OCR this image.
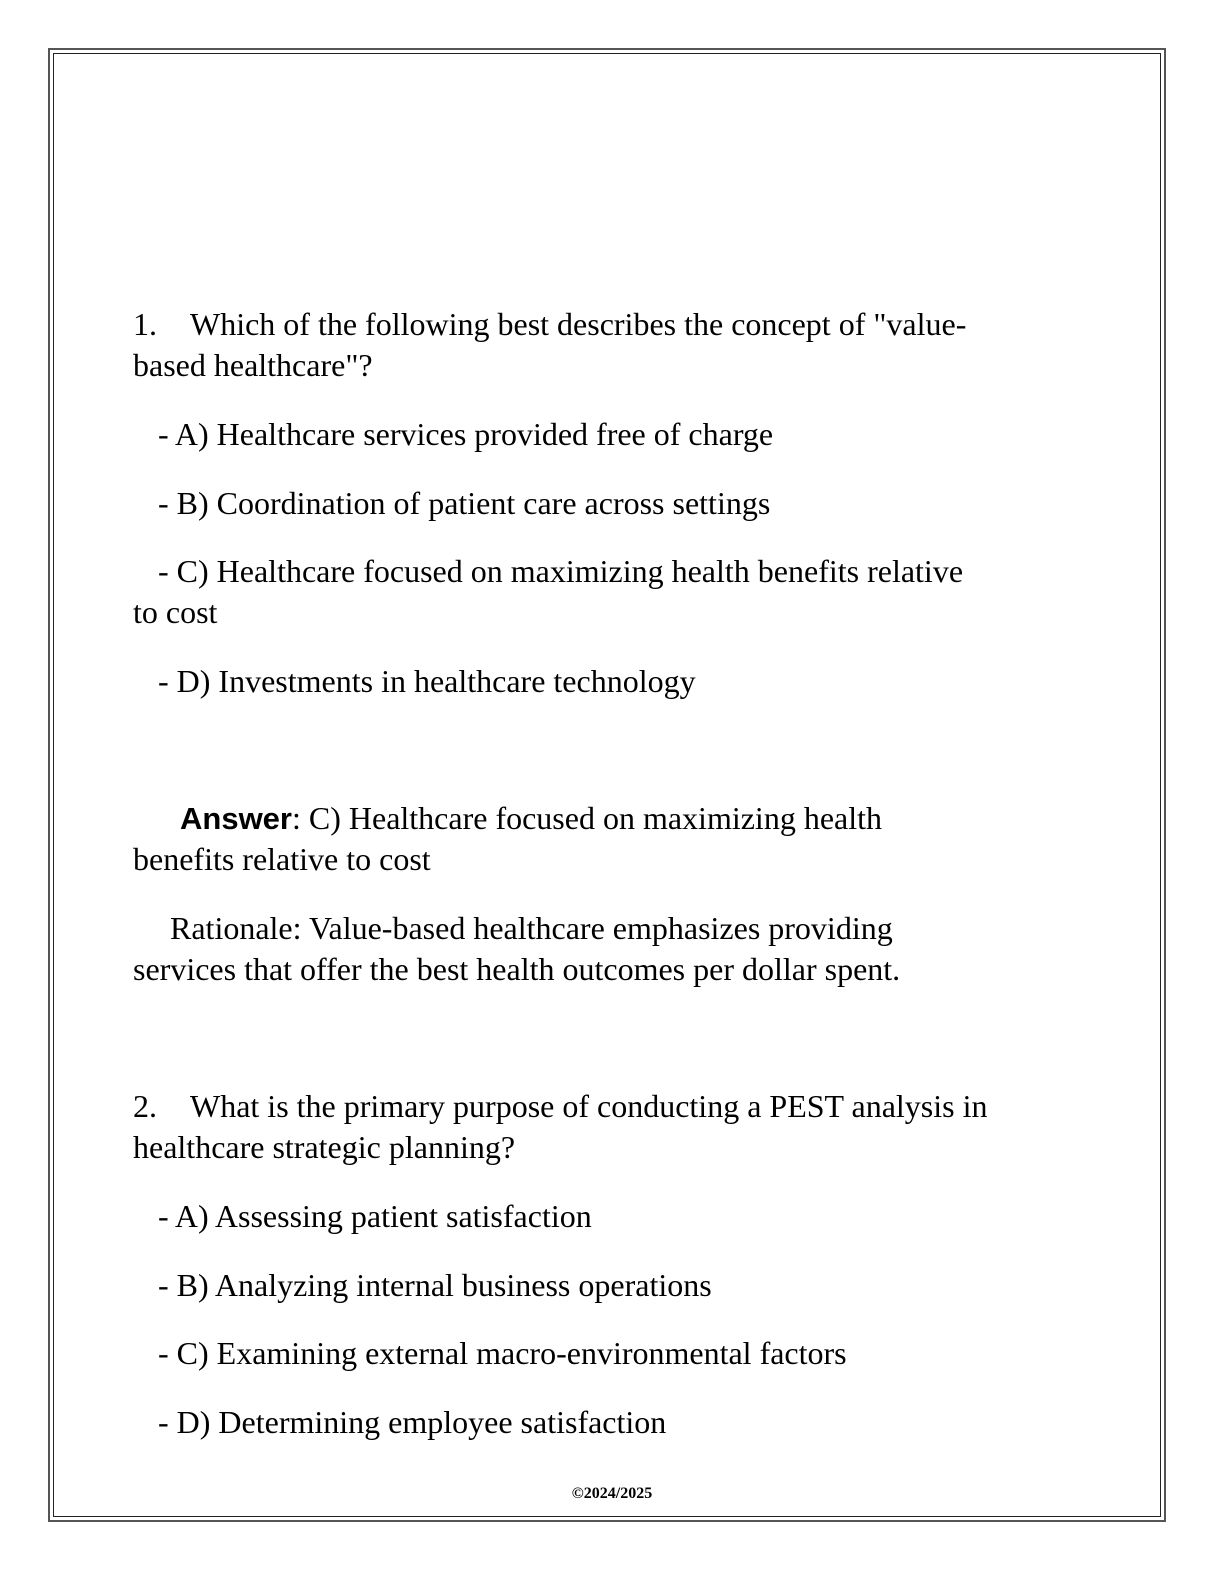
1. Which of the following best describes the concept of "value-
based healthcare"?
- A) Healthcare services provided free of charge
- B) Coordination of patient care across settings
- C) Healthcare focused on maximizing health benefits relative
to cost
- D) Investments in healthcare technology
Answer: C) Healthcare focused on maximizing health
benefits relative to cost
Rationale: Value-based healthcare emphasizes providing
services that offer the best health outcomes per dollar spent.
2. What is the primary purpose of conducting a PEST analysis in
healthcare strategic planning?
- A) Assessing patient satisfaction
- B) Analyzing internal business operations
- C) Examining external macro-environmental factors
- D) Determining employee satisfaction
©2024/2025
